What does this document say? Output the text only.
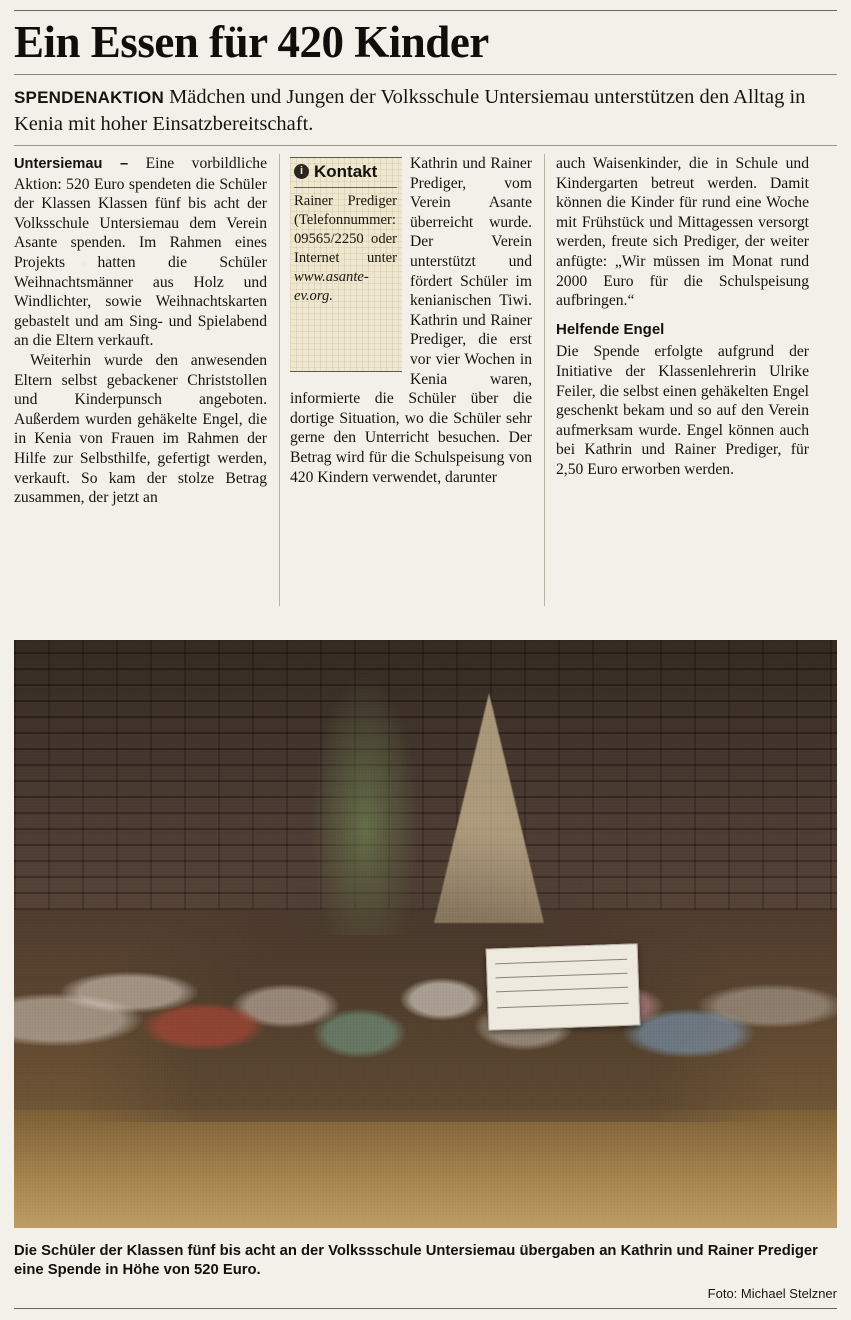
Ein Essen für 420 Kinder
SPENDENAKTION Mädchen und Jungen der Volksschule Untersiemau unterstützen den Alltag in Kenia mit hoher Einsatzbereitschaft.

Untersiemau – Eine vorbildliche Aktion: 520 Euro spendeten die Schüler der Klassen Klassen fünf bis acht der Volksschule Untersiemau dem Verein Asante spenden. Im Rahmen eines Projekts hatten die Schüler Weihnachtsmänner aus Holz und Windlichter, sowie Weihnachtskarten gebastelt und am Sing- und Spielabend an die Eltern verkauft.

Weiterhin wurde den anwesenden Eltern selbst gebackener Christstollen und Kinderpunsch angeboten. Außerdem wurden gehäkelte Engel, die in Kenia von Frauen im Rahmen der Hilfe zur Selbsthilfe, gefertigt werden, verkauft. So kam der stolze Betrag zusammen, der jetzt an

i Kontakt
Rainer Prediger (Telefonnummer: 09565/2250 oder Internet unter www.asante-ev.org.

Kathrin und Rainer Prediger, vom Verein Asante überreicht wurde. Der Verein unterstützt und fördert Schüler im kenianischen Tiwi. Kathrin und Rainer Prediger, die erst vor vier Wochen in Kenia waren, informierte die Schüler über die dortige Situation, wo die Schüler sehr gerne den Unterricht besuchen. Der Betrag wird für die Schulspeisung von 420 Kindern verwendet, darunter

auch Waisenkinder, die in Schule und Kindergarten betreut werden. Damit können die Kinder für rund eine Woche mit Frühstück und Mittagessen versorgt werden, freute sich Prediger, der weiter anfügte: „Wir müssen im Monat rund 2000 Euro für die Schulspeisung aufbringen.“

Helfende Engel

Die Spende erfolgte aufgrund der Initiative der Klassenlehrerin Ulrike Feiler, die selbst einen gehäkelten Engel geschenkt bekam und so auf den Verein aufmerksam wurde. Engel können auch bei Kathrin und Rainer Prediger, für 2,50 Euro erworben werden.

Die Schüler der Klassen fünf bis acht an der Volkssschule Untersiemau übergaben an Kathrin und Rainer Prediger eine Spende in Höhe von 520 Euro.
Foto: Michael Stelzner
